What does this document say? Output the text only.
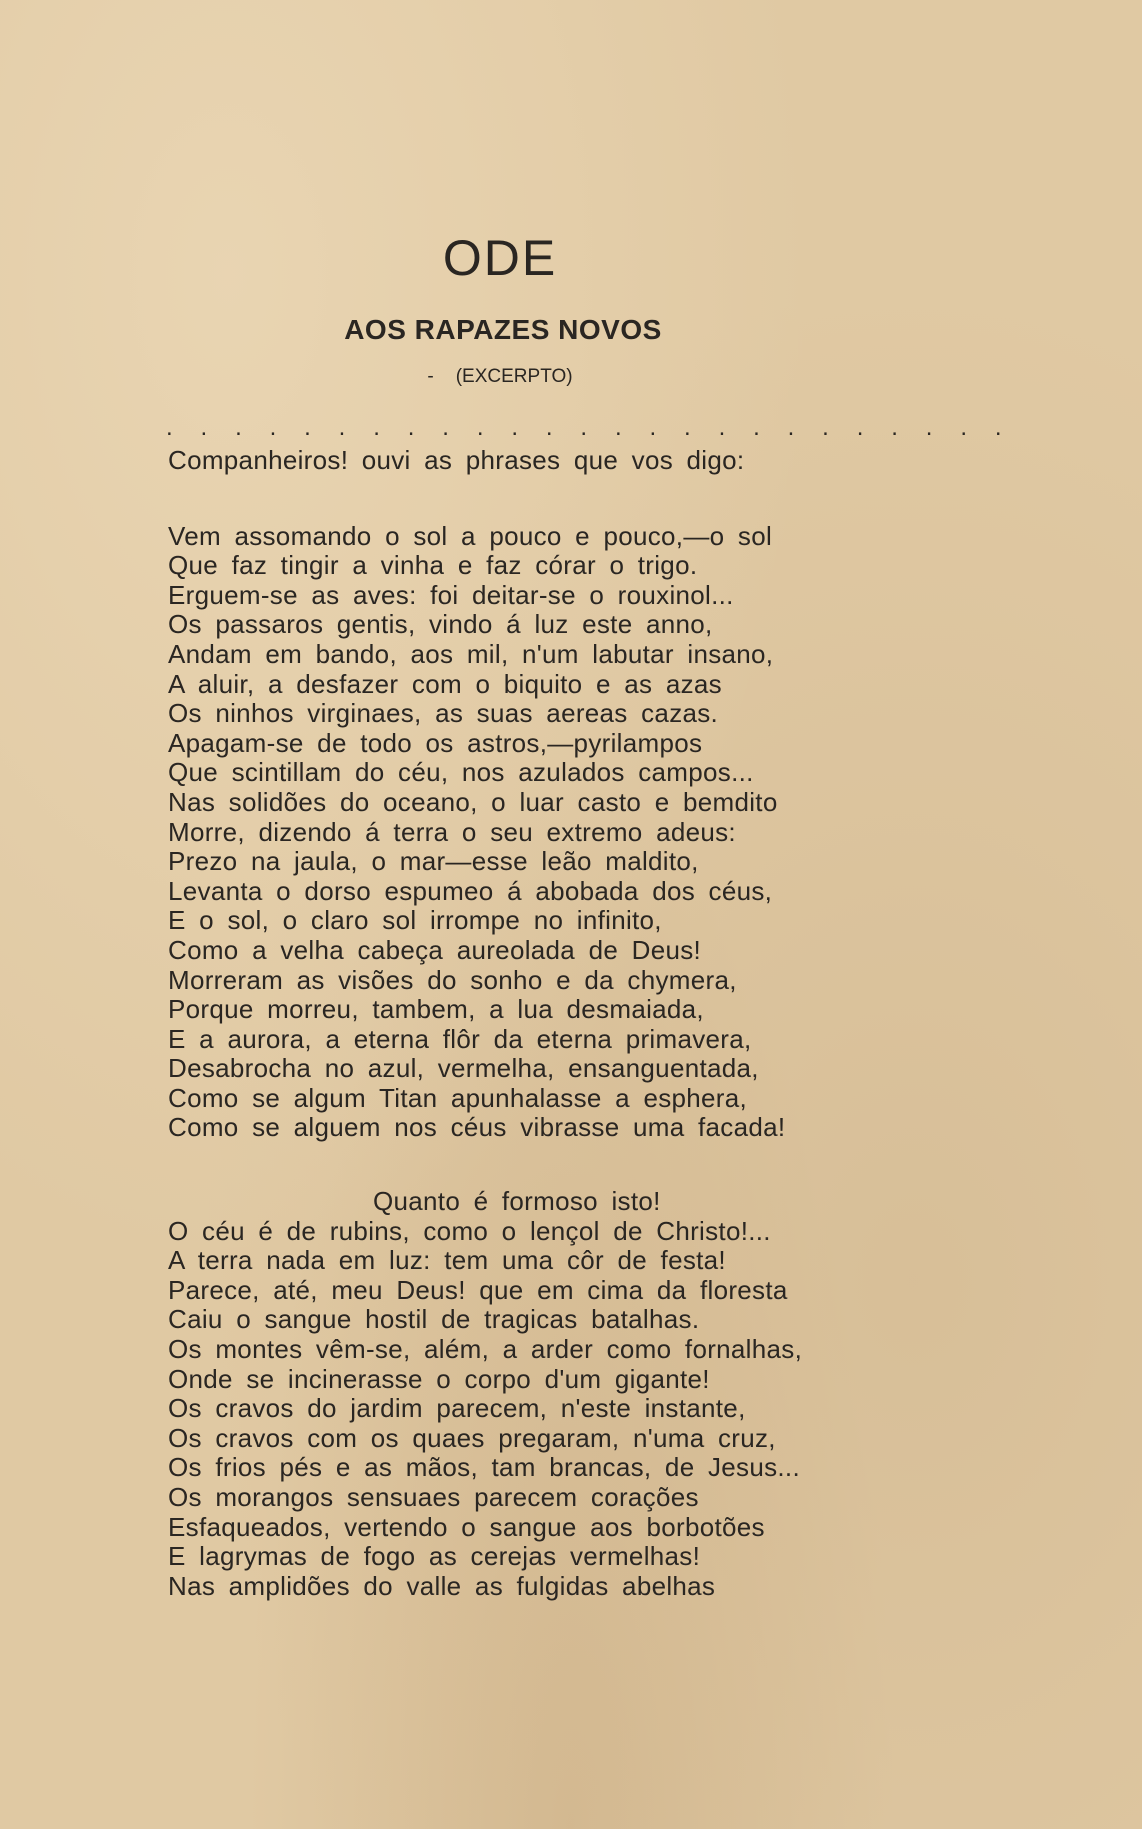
ODE
AOS RAPAZES NOVOS
- (EXCERPTO)
. . . . . . . . . . . . . . . . . . . . . . . . .
Companheiros! ouvi as phrases que vos digo:
Vem assomando o sol a pouco e pouco,—o sol
Que faz tingir a vinha e faz córar o trigo.
Erguem-se as aves: foi deitar-se o rouxinol...
Os passaros gentis, vindo á luz este anno,
Andam em bando, aos mil, n'um labutar insano,
A aluir, a desfazer com o biquito e as azas
Os ninhos virginaes, as suas aereas cazas.
Apagam-se de todo os astros,—pyrilampos
Que scintillam do céu, nos azulados campos...
Nas solidões do oceano, o luar casto e bemdito
Morre, dizendo á terra o seu extremo adeus:
Prezo na jaula, o mar—esse leão maldito,
Levanta o dorso espumeo á abobada dos céus,
E o sol, o claro sol irrompe no infinito,
Como a velha cabeça aureolada de Deus!
Morreram as visões do sonho e da chymera,
Porque morreu, tambem, a lua desmaiada,
E a aurora, a eterna flôr da eterna primavera,
Desabrocha no azul, vermelha, ensanguentada,
Como se algum Titan apunhalasse a esphera,
Como se alguem nos céus vibrasse uma facada!
Quanto é formoso isto!
O céu é de rubins, como o lençol de Christo!...
A terra nada em luz: tem uma côr de festa!
Parece, até, meu Deus! que em cima da floresta
Caiu o sangue hostil de tragicas batalhas.
Os montes vêm-se, além, a arder como fornalhas,
Onde se incinerasse o corpo d'um gigante!
Os cravos do jardim parecem, n'este instante,
Os cravos com os quaes pregaram, n'uma cruz,
Os frios pés e as mãos, tam brancas, de Jesus...
Os morangos sensuaes parecem corações
Esfaqueados, vertendo o sangue aos borbotões
E lagrymas de fogo as cerejas vermelhas!
Nas amplidões do valle as fulgidas abelhas
